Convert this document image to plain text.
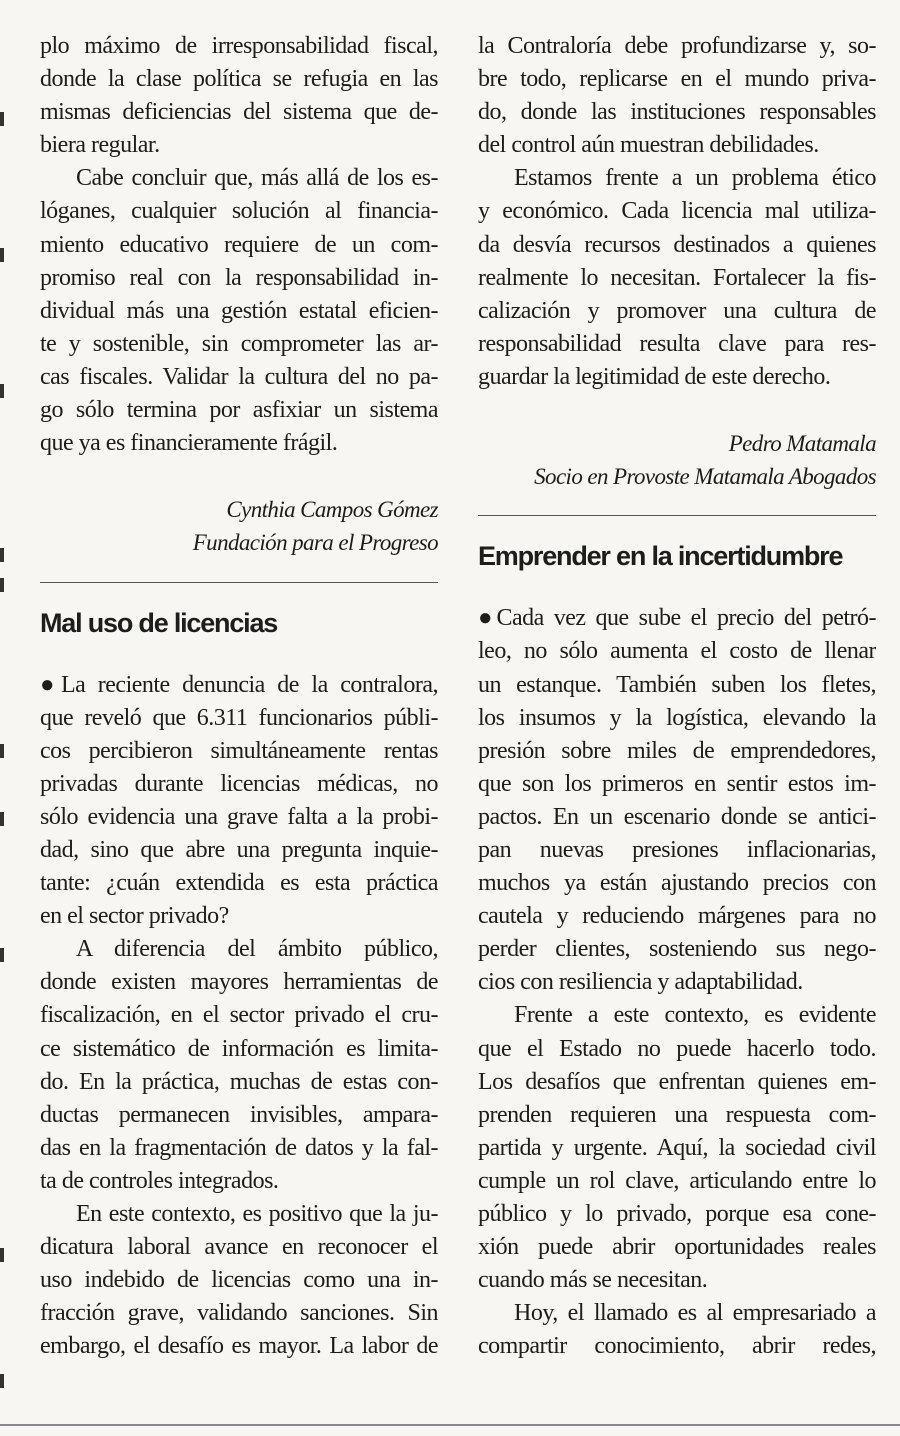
plo máximo de irresponsabilidad fiscal,
donde la clase política se refugia en las
mismas deficiencias del sistema que de-
biera regular.
Cabe concluir que, más allá de los es-
lóganes, cualquier solución al financia-
miento educativo requiere de un com-
promiso real con la responsabilidad in-
dividual más una gestión estatal eficien-
te y sostenible, sin comprometer las ar-
cas fiscales. Validar la cultura del no pa-
go sólo termina por asfixiar un sistema
que ya es financieramente frágil.
Cynthia Campos Gómez
Fundación para el Progreso
Mal uso de licencias
●La reciente denuncia de la contralora,
que reveló que 6.311 funcionarios públi-
cos percibieron simultáneamente rentas
privadas durante licencias médicas, no
sólo evidencia una grave falta a la probi-
dad, sino que abre una pregunta inquie-
tante: ¿cuán extendida es esta práctica
en el sector privado?
A diferencia del ámbito público,
donde existen mayores herramientas de
fiscalización, en el sector privado el cru-
ce sistemático de información es limita-
do. En la práctica, muchas de estas con-
ductas permanecen invisibles, ampara-
das en la fragmentación de datos y la fal-
ta de controles integrados.
En este contexto, es positivo que la ju-
dicatura laboral avance en reconocer el
uso indebido de licencias como una in-
fracción grave, validando sanciones. Sin
embargo, el desafío es mayor. La labor de
la Contraloría debe profundizarse y, so-
bre todo, replicarse en el mundo priva-
do, donde las instituciones responsables
del control aún muestran debilidades.
Estamos frente a un problema ético
y económico. Cada licencia mal utiliza-
da desvía recursos destinados a quienes
realmente lo necesitan. Fortalecer la fis-
calización y promover una cultura de
responsabilidad resulta clave para res-
guardar la legitimidad de este derecho.
Pedro Matamala
Socio en Provoste Matamala Abogados
Emprender en la incertidumbre
●Cada vez que sube el precio del petró-
leo, no sólo aumenta el costo de llenar
un estanque. También suben los fletes,
los insumos y la logística, elevando la
presión sobre miles de emprendedores,
que son los primeros en sentir estos im-
pactos. En un escenario donde se antici-
pan nuevas presiones inflacionarias,
muchos ya están ajustando precios con
cautela y reduciendo márgenes para no
perder clientes, sosteniendo sus nego-
cios con resiliencia y adaptabilidad.
Frente a este contexto, es evidente
que el Estado no puede hacerlo todo.
Los desafíos que enfrentan quienes em-
prenden requieren una respuesta com-
partida y urgente. Aquí, la sociedad civil
cumple un rol clave, articulando entre lo
público y lo privado, porque esa cone-
xión puede abrir oportunidades reales
cuando más se necesitan.
Hoy, el llamado es al empresariado a
compartir conocimiento, abrir redes,
